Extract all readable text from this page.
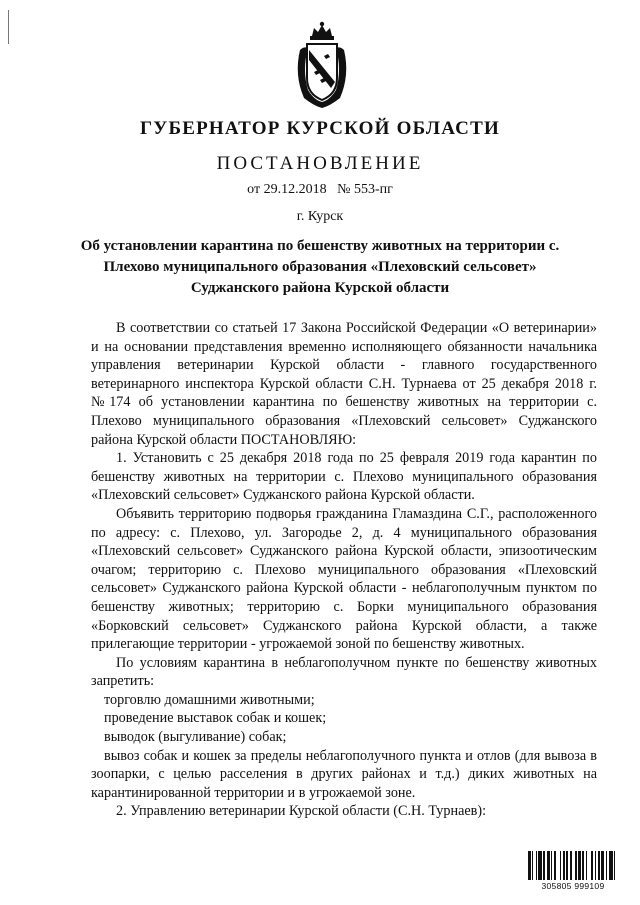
ГУБЕРНАТОР КУРСКОЙ ОБЛАСТИ
ПОСТАНОВЛЕНИЕ
от 29.12.2018   № 553-пг
г. Курск
Об установлении карантина по бешенству животных на территории с. Плехово муниципального образования «Плеховский сельсовет» Суджанского района Курской области

В соответствии со статьей 17 Закона Российской Федерации «О ветеринарии» и на основании представления временно исполняющего обязанности начальника управления ветеринарии Курской области - главного государственного ветеринарного инспектора Курской области С.Н. Турнаева от 25 декабря 2018 г. №174 об установлении карантина по бешенству животных на территории с. Плехово муниципального образования «Плеховский сельсовет» Суджанского района Курской области ПОСТАНОВЛЯЮ:

1. Установить с 25 декабря 2018 года по 25 февраля 2019 года карантин по бешенству животных на территории с. Плехово муниципального образования «Плеховский сельсовет» Суджанского района Курской области.

Объявить территорию подворья гражданина Гламаздина С.Г., расположенного по адресу: с. Плехово, ул. Загородье 2, д. 4 муниципального образования «Плеховский сельсовет» Суджанского района Курской области, эпизоотическим очагом; территорию с. Плехово муниципального образования «Плеховский сельсовет» Суджанского района Курской области - неблагополучным пунктом по бешенству животных; территорию с. Борки муниципального образования «Борковский сельсовет» Суджанского района Курской области, а также прилегающие территории - угрожаемой зоной по бешенству животных.

По условиям карантина в неблагополучном пункте по бешенству животных запретить:

торговлю домашними животными;

проведение выставок собак и кошек;

выводок (выгуливание) собак;

вывоз собак и кошек за пределы неблагополучного пункта и отлов (для вывоза в зоопарки, с целью расселения в других районах и т.д.) диких животных на карантинированной территории и в угрожаемой зоне.

2. Управлению ветеринарии Курской области (С.Н. Турнаев):

305805 999109
